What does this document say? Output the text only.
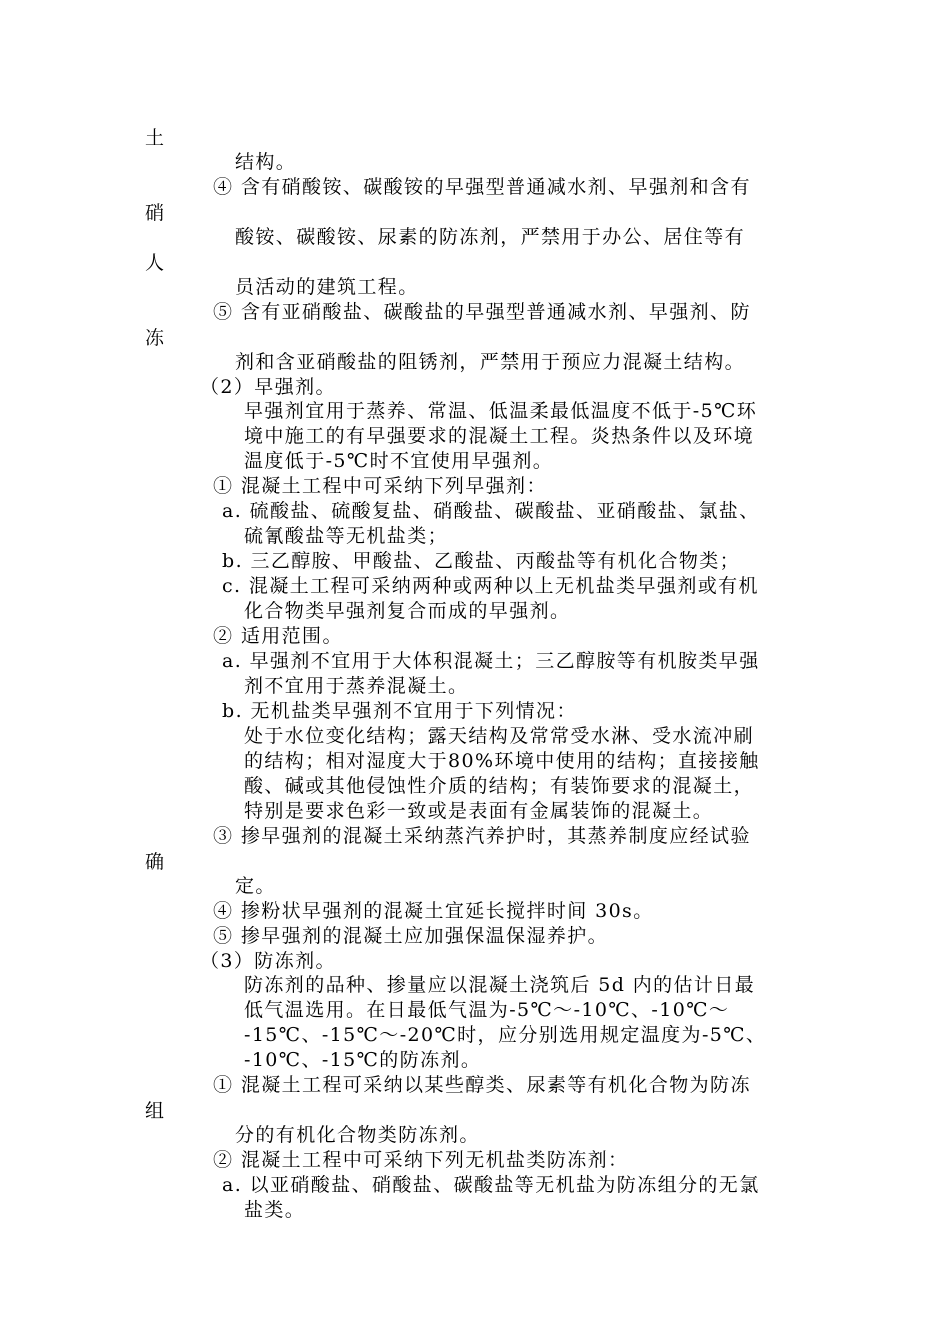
土
结构。
④ 含有硝酸铵、碳酸铵的早强型普通减水剂、早强剂和含有
硝
酸铵、碳酸铵、尿素的防冻剂，严禁用于办公、居住等有
人
员活动的建筑工程。
⑤ 含有亚硝酸盐、碳酸盐的早强型普通减水剂、早强剂、防
冻
剂和含亚硝酸盐的阻锈剂，严禁用于预应力混凝土结构。
（2）早强剂。
早强剂宜用于蒸养、常温、低温柔最低温度不低于-5℃环
境中施工的有早强要求的混凝土工程。炎热条件以及环境
温度低于-5℃时不宜使用早强剂。
① 混凝土工程中可采纳下列早强剂：
a. 硫酸盐、硫酸复盐、硝酸盐、碳酸盐、亚硝酸盐、氯盐、
硫氰酸盐等无机盐类；
b. 三乙醇胺、甲酸盐、乙酸盐、丙酸盐等有机化合物类；
c. 混凝土工程可采纳两种或两种以上无机盐类早强剂或有机
化合物类早强剂复合而成的早强剂。
② 适用范围。
a. 早强剂不宜用于大体积混凝土；三乙醇胺等有机胺类早强
剂不宜用于蒸养混凝土。
b. 无机盐类早强剂不宜用于下列情况：
处于水位变化结构；露天结构及常常受水淋、受水流冲刷
的结构；相对湿度大于80%环境中使用的结构；直接接触
酸、碱或其他侵蚀性介质的结构；有装饰要求的混凝土，
特别是要求色彩一致或是表面有金属装饰的混凝土。
③ 掺早强剂的混凝土采纳蒸汽养护时，其蒸养制度应经试验
确
定。
④ 掺粉状早强剂的混凝土宜延长搅拌时间 30s。
⑤ 掺早强剂的混凝土应加强保温保湿养护。
（3）防冻剂。
防冻剂的品种、掺量应以混凝土浇筑后 5d 内的估计日最
低气温选用。在日最低气温为-5℃～-10℃、-10℃～
-15℃、-15℃～-20℃时，应分别选用规定温度为-5℃、
-10℃、-15℃的防冻剂。
① 混凝土工程可采纳以某些醇类、尿素等有机化合物为防冻
组
分的有机化合物类防冻剂。
② 混凝土工程中可采纳下列无机盐类防冻剂：
a. 以亚硝酸盐、硝酸盐、碳酸盐等无机盐为防冻组分的无氯
盐类。
